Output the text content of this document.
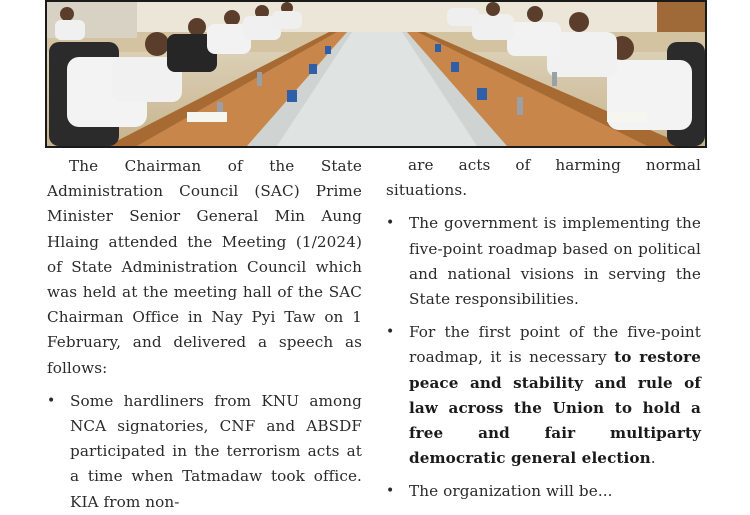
The Chairman of the State Administration Council (SAC) Prime Minister Senior General Min Aung Hlaing attended the Meeting (1/2024) of State Administration Council which was held at the meeting hall of the SAC Chairman Office in Nay Pyi Taw on 1 February, and delivered a speech as follows:

• Some hardliners from KNU among NCA signatories, CNF and ABSDF participated in the terrorism acts at a time when Tatmadaw took office. KIA from non-

are acts of harming normal situations.

• The government is implementing the five-point roadmap based on political and national visions in serving the State responsibilities.
• For the first point of the five-point roadmap, it is necessary to restore peace and stability and rule of law across the Union to hold a free and fair multiparty democratic general election.
• The organization will be...
